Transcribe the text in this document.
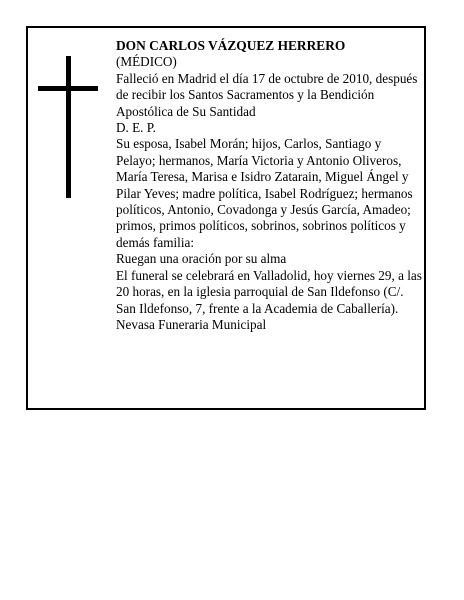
DON CARLOS VÁZQUEZ HERRERO

(MÉDICO)

Falleció en Madrid el día 17 de octubre de 2010, después de recibir los Santos Sacramentos y la Bendición Apostólica de Su Santidad

D. E. P.

Su esposa, Isabel Morán; hijos, Carlos, Santiago y Pelayo; hermanos, María Victoria y Antonio Oliveros, María Teresa, Marisa e Isidro Zatarain, Miguel Ángel y Pilar Yeves; madre política, Isabel Rodríguez; hermanos políticos, Antonio, Covadonga y Jesús García, Amadeo; primos, primos políticos, sobrinos, sobrinos políticos y demás familia:

Ruegan una oración por su alma

El funeral se celebrará en Valladolid, hoy viernes 29, a las 20 horas, en la iglesia parroquial de San Ildefonso (C/. San Ildefonso, 7, frente a la Academia de Caballería).

Nevasa Funeraria Municipal
